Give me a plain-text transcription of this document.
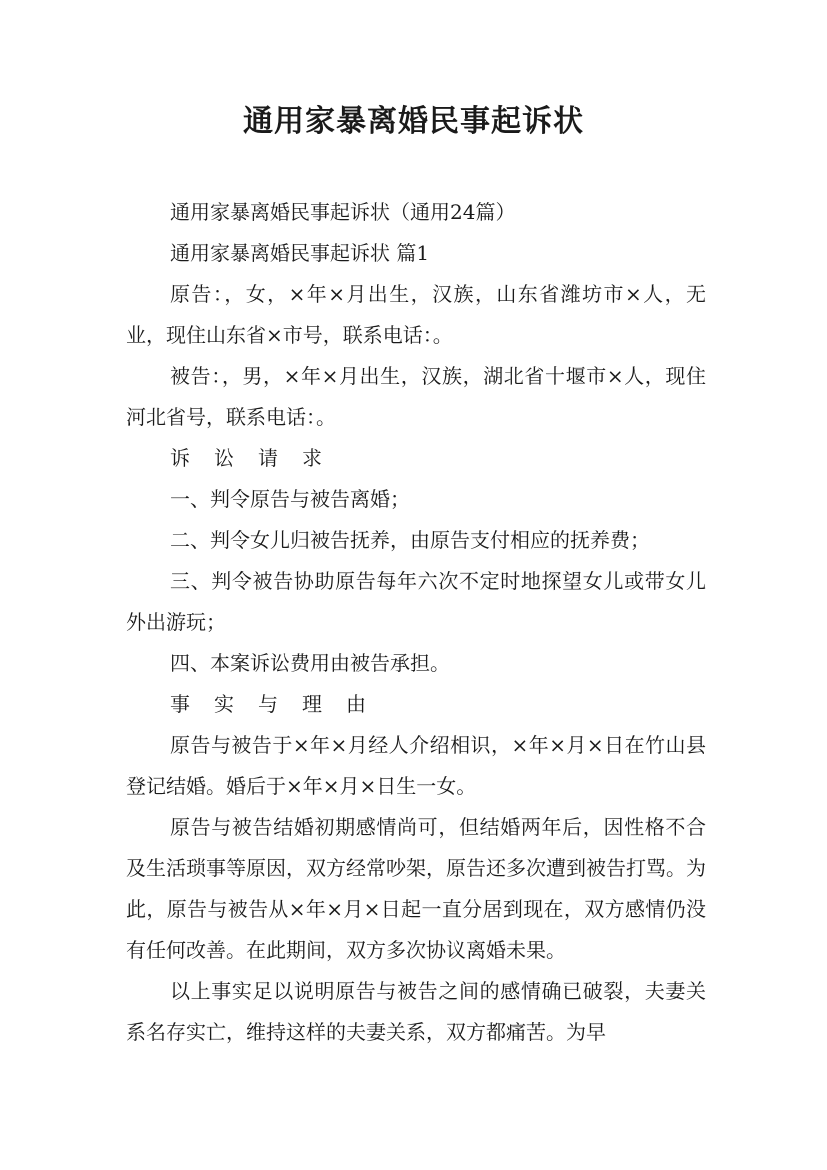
通用家暴离婚民事起诉状

通用家暴离婚民事起诉状（通用24篇）

通用家暴离婚民事起诉状 篇1

原告：，女，×年×月出生，汉族，山东省潍坊市×人，无业，现住山东省×市号，联系电话：。

被告：，男，×年×月出生，汉族，湖北省十堰市×人，现住河北省号，联系电话：。

诉讼请求

一、判令原告与被告离婚；

二、判令女儿归被告抚养，由原告支付相应的抚养费；

三、判令被告协助原告每年六次不定时地探望女儿或带女儿外出游玩；

四、本案诉讼费用由被告承担。

事实与理由

原告与被告于×年×月经人介绍相识，×年×月×日在竹山县登记结婚。婚后于×年×月×日生一女。

原告与被告结婚初期感情尚可，但结婚两年后，因性格不合及生活琐事等原因，双方经常吵架，原告还多次遭到被告打骂。为此，原告与被告从×年×月×日起一直分居到现在，双方感情仍没有任何改善。在此期间，双方多次协议离婚未果。

以上事实足以说明原告与被告之间的感情确已破裂，夫妻关系名存实亡，维持这样的夫妻关系，双方都痛苦。为早
